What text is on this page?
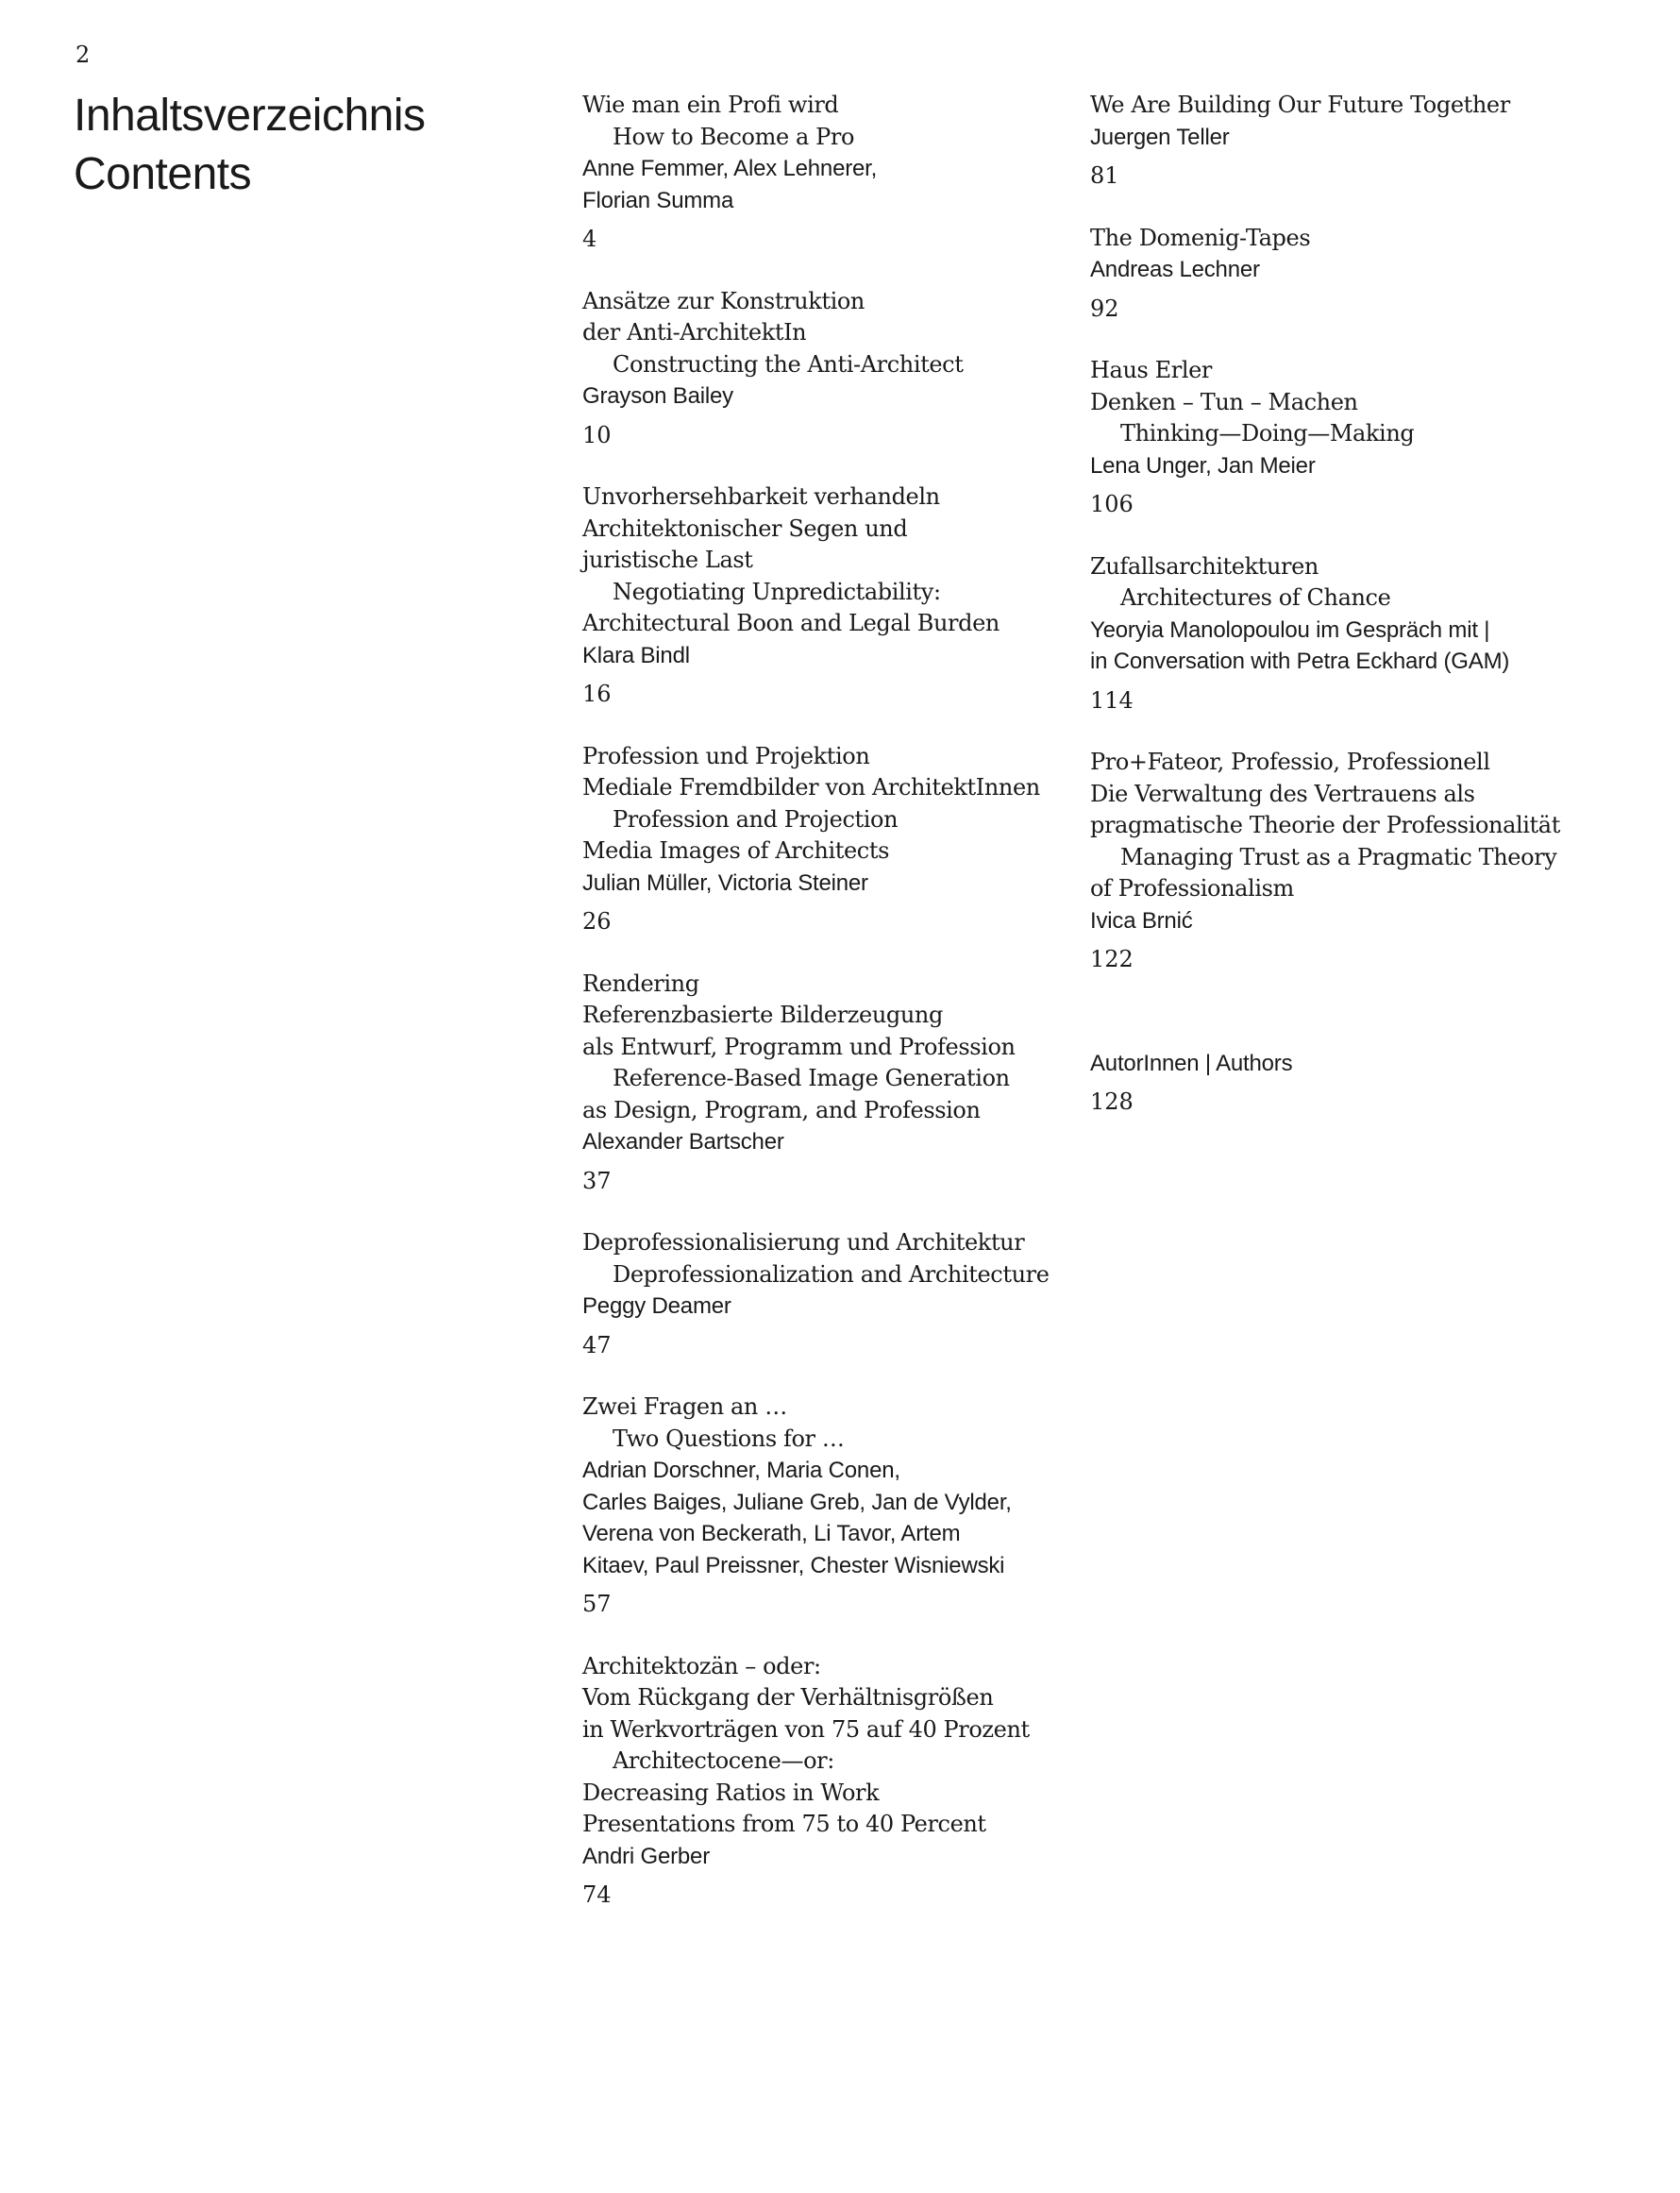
2
Inhaltsverzeichnis
Contents
Wie man ein Profi wird
How to Become a Pro
Anne Femmer, Alex Lehnerer,
Florian Summa
4
Ansätze zur Konstruktion
der Anti-ArchitektIn
Constructing the Anti-Architect
Grayson Bailey
10
Unvorhersehbarkeit verhandeln
Architektonischer Segen und
juristische Last
Negotiating Unpredictability:
Architectural Boon and Legal Burden
Klara Bindl
16
Profession und Projektion
Mediale Fremdbilder von ArchitektInnen
Profession and Projection
Media Images of Architects
Julian Müller, Victoria Steiner
26
Rendering
Referenzbasierte Bilderzeugung
als Entwurf, Programm und Profession
Reference-Based Image Generation
as Design, Program, and Profession
Alexander Bartscher
37
Deprofessionalisierung und Architektur
Deprofessionalization and Architecture
Peggy Deamer
47
Zwei Fragen an …
Two Questions for …
Adrian Dorschner, Maria Conen,
Carles Baiges, Juliane Greb, Jan de Vylder,
Verena von Beckerath, Li Tavor, Artem
Kitaev, Paul Preissner, Chester Wisniewski
57
Architektozän – oder:
Vom Rückgang der Verhältnisgrößen
in Werkvorträgen von 75 auf 40 Prozent
Architectocene—or:
Decreasing Ratios in Work
Presentations from 75 to 40 Percent
Andri Gerber
74
We Are Building Our Future Together
Juergen Teller
81
The Domenig-Tapes
Andreas Lechner
92
Haus Erler
Denken – Tun – Machen
Thinking—Doing—Making
Lena Unger, Jan Meier
106
Zufallsarchitekturen
Architectures of Chance
Yeoryia Manolopoulou im Gespräch mit |
in Conversation with Petra Eckhard (GAM)
114
Pro+Fateor, Professio, Professionell
Die Verwaltung des Vertrauens als
pragmatische Theorie der Professionalität
Managing Trust as a Pragmatic Theory
of Professionalism
Ivica Brnić
122
AutorInnen | Authors
128
